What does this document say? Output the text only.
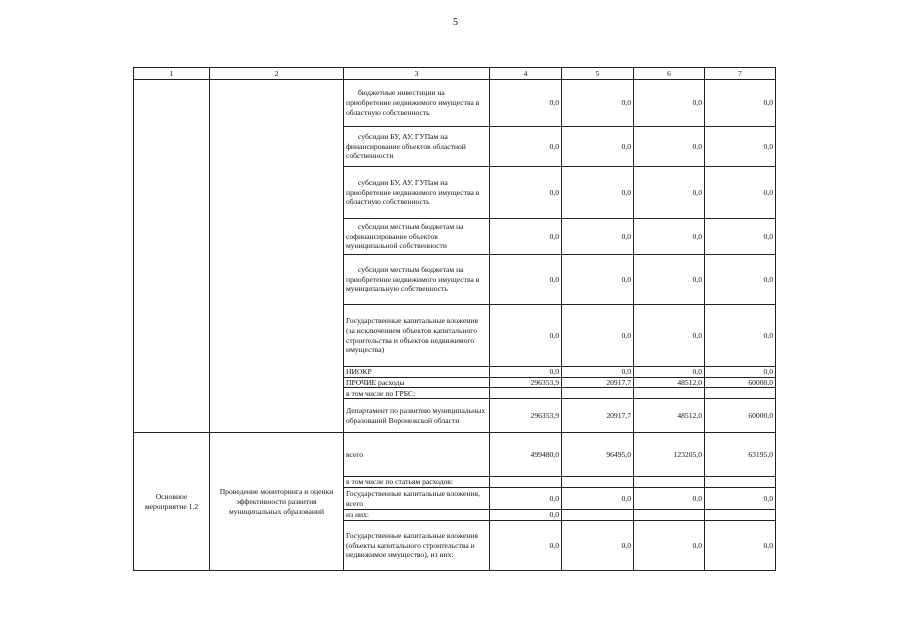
5
1	2	3	4	5	6	7
		бюджетные инвестиции на приобретение недвижимого имущества в областную собственность	0,0	0,0	0,0	0,0
		субсидии БУ, АУ, ГУПам на финансирование объектов областной собственности	0,0	0,0	0,0	0,0
		субсидии БУ, АУ, ГУПам на приобретение недвижимого имущества в областную собственность	0,0	0,0	0,0	0,0
		субсидии местным бюджетам на софинансирование объектов муниципальной собственности	0,0	0,0	0,0	0,0
		субсидии местным бюджетам на приобретение недвижимого имущества в муниципальную собственность	0,0	0,0	0,0	0,0
		Государственные капитальные вложения (за исключением объектов капитального строительства и объектов недвижимого имущества)	0,0	0,0	0,0	0,0
		НИОКР	0,0	0,0	0,0	0,0
		ПРОЧИЕ расходы	296353,9	20917,7	48512,0	60000,0
		в том числе по ГРБС:				
		Департамент по развитию муниципальных образований Воронежской области	296353,9	20917,7	48512,0	60000,0
Основное мероприятие 1.2	Проведение мониторинга и оценки эффективности развития муниципальных образований	всего	499480,0	96495,0	123205,0	63195,0
		в том числе по статьям расходов:				
		Государственные капитальные вложения, всего	0,0	0,0	0,0	0,0
		из них:	0,0			
		Государственные капитальные вложения (объекты капитального строительства и недвижимое имущество), из них:	0,0	0,0	0,0	0,0
